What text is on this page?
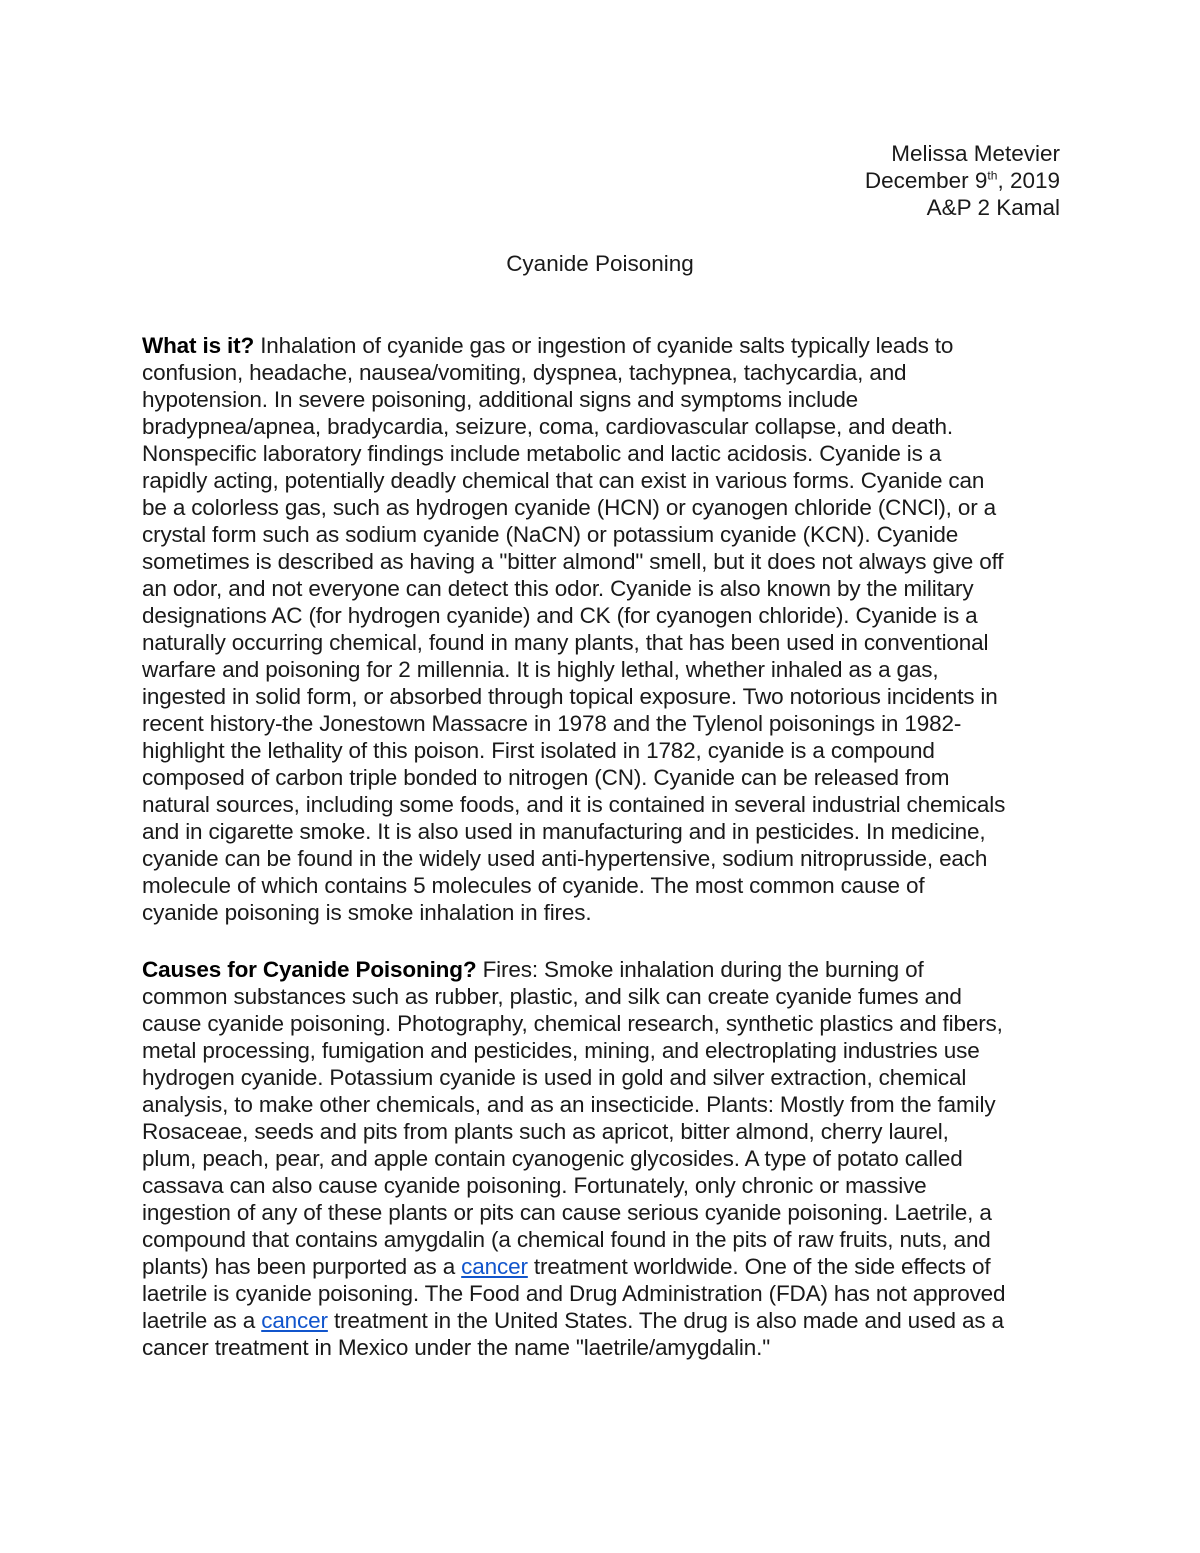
Melissa Metevier
December 9th, 2019
A&P 2 Kamal
Cyanide Poisoning
What is it? Inhalation of cyanide gas or ingestion of cyanide salts typically leads to
confusion, headache, nausea/vomiting, dyspnea, tachypnea, tachycardia, and
hypotension. In severe poisoning, additional signs and symptoms include
bradypnea/apnea, bradycardia, seizure, coma, cardiovascular collapse, and death.
Nonspecific laboratory findings include metabolic and lactic acidosis. Cyanide is a
rapidly acting, potentially deadly chemical that can exist in various forms. Cyanide can
be a colorless gas, such as hydrogen cyanide (HCN) or cyanogen chloride (CNCl), or a
crystal form such as sodium cyanide (NaCN) or potassium cyanide (KCN). Cyanide
sometimes is described as having a "bitter almond" smell, but it does not always give off
an odor, and not everyone can detect this odor. Cyanide is also known by the military
designations AC (for hydrogen cyanide) and CK (for cyanogen chloride). Cyanide is a
naturally occurring chemical, found in many plants, that has been used in conventional
warfare and poisoning for 2 millennia. It is highly lethal, whether inhaled as a gas,
ingested in solid form, or absorbed through topical exposure. Two notorious incidents in
recent history-the Jonestown Massacre in 1978 and the Tylenol poisonings in 1982-
highlight the lethality of this poison. First isolated in 1782, cyanide is a compound
composed of carbon triple bonded to nitrogen (CN). Cyanide can be released from
natural sources, including some foods, and it is contained in several industrial chemicals
and in cigarette smoke. It is also used in manufacturing and in pesticides. In medicine,
cyanide can be found in the widely used anti-hypertensive, sodium nitroprusside, each
molecule of which contains 5 molecules of cyanide. The most common cause of
cyanide poisoning is smoke inhalation in fires.
Causes for Cyanide Poisoning? Fires: Smoke inhalation during the burning of
common substances such as rubber, plastic, and silk can create cyanide fumes and
cause cyanide poisoning. Photography, chemical research, synthetic plastics and fibers,
metal processing, fumigation and pesticides, mining, and electroplating industries use
hydrogen cyanide. Potassium cyanide is used in gold and silver extraction, chemical
analysis, to make other chemicals, and as an insecticide. Plants: Mostly from the family
Rosaceae, seeds and pits from plants such as apricot, bitter almond, cherry laurel,
plum, peach, pear, and apple contain cyanogenic glycosides. A type of potato called
cassava can also cause cyanide poisoning. Fortunately, only chronic or massive
ingestion of any of these plants or pits can cause serious cyanide poisoning. Laetrile, a
compound that contains amygdalin (a chemical found in the pits of raw fruits, nuts, and
plants) has been purported as a cancer treatment worldwide. One of the side effects of
laetrile is cyanide poisoning. The Food and Drug Administration (FDA) has not approved
laetrile as a cancer treatment in the United States. The drug is also made and used as a
cancer treatment in Mexico under the name "laetrile/amygdalin."
